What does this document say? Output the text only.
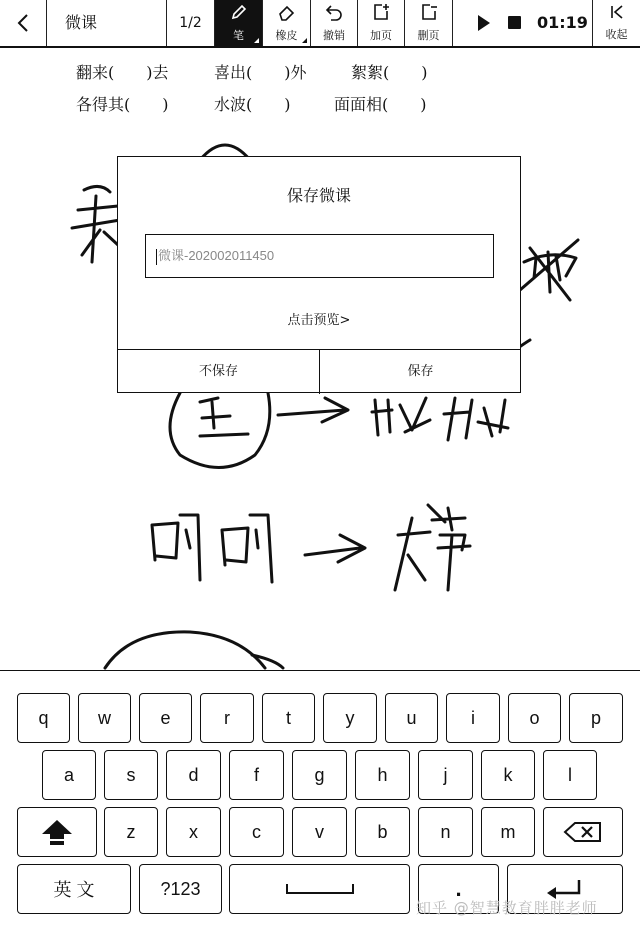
微课	1/2
笔	橡皮 撤销 加页 删页
01:19
收起
翻来(　　)去	喜出(　　)外	絮絮(　　)
各得其(　　)	水波(　　)	面面相(　　)
保存微课
微课-202002011450
点击预览>
不保存	保存
q	w	e	r	t	y	u	i	o	p
a	s	d	f	g	h	j	k	l
z	x	c	v	b	n	m
英 文	?123	.
知乎 @智慧教育胖胖老师
